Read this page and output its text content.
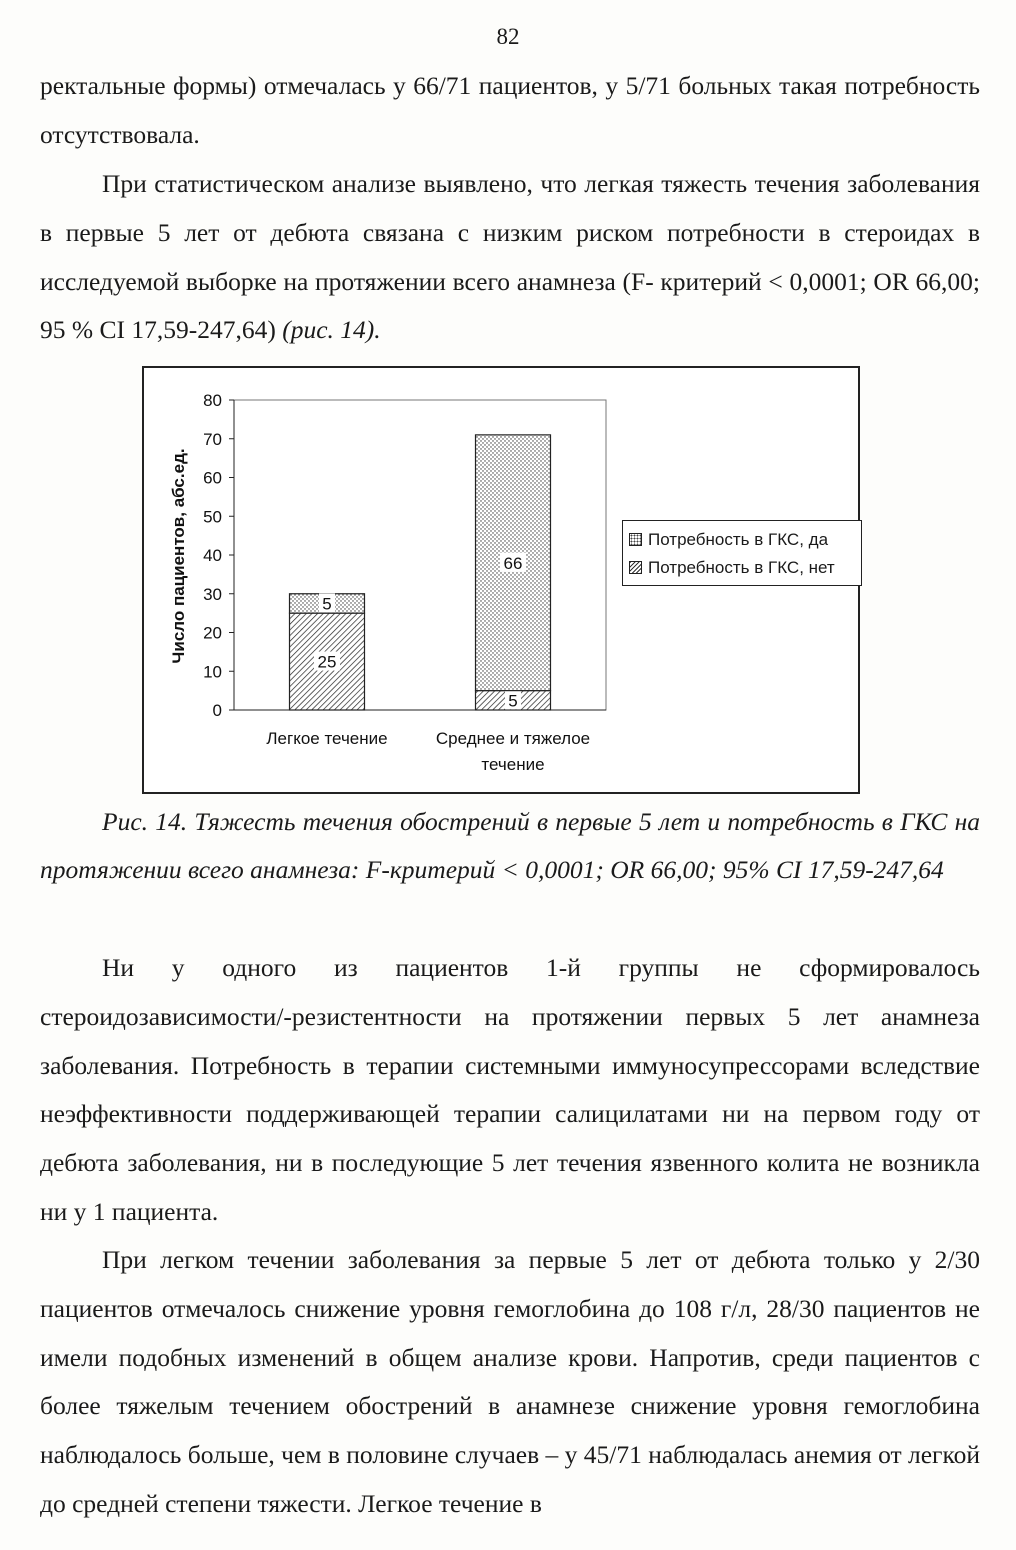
82

ректальные формы) отмечалась у 66/71 пациентов, у 5/71 больных такая потребность отсутствовала.

При статистическом анализе выявлено, что легкая тяжесть течения заболевания в первые 5 лет от дебюта связана с низким риском потребности в стероидах в исследуемой выборке на протяжении всего анамнеза (F- критерий < 0,0001; OR 66,00; 95 % CI 17,59-247,64) (рис. 14).

0
10
20
30
40
50
60
70
80
25
5
5
66
Легкое течение	Среднее и тяжелое
течение
Число пациентов, абс.ед.	Потребность в ГКС, да
Потребность в ГКС, нет
Рис. 14. Тяжесть течения обострений в первые 5 лет и потребность в ГКС на протяжении всего анамнеза: F-критерий < 0,0001; OR 66,00; 95% CI 17,59-247,64

Ни у одного из пациентов 1-й группы не сформировалось стероидозависимости/-резистентности на протяжении первых 5 лет анамнеза заболевания. Потребность в терапии системными иммуносупрессорами вследствие неэффективности поддерживающей терапии салицилатами ни на первом году от дебюта заболевания, ни в последующие 5 лет течения язвенного колита не возникла ни у 1 пациента.

При легком течении заболевания за первые 5 лет от дебюта только у 2/30 пациентов отмечалось снижение уровня гемоглобина до 108 г/л, 28/30 пациентов не имели подобных изменений в общем анализе крови. Напротив, среди пациентов с более тяжелым течением обострений в анамнезе снижение уровня гемоглобина наблюдалось больше, чем в половине случаев – у 45/71 наблюдалась анемия от легкой до средней степени тяжести. Легкое течение в
